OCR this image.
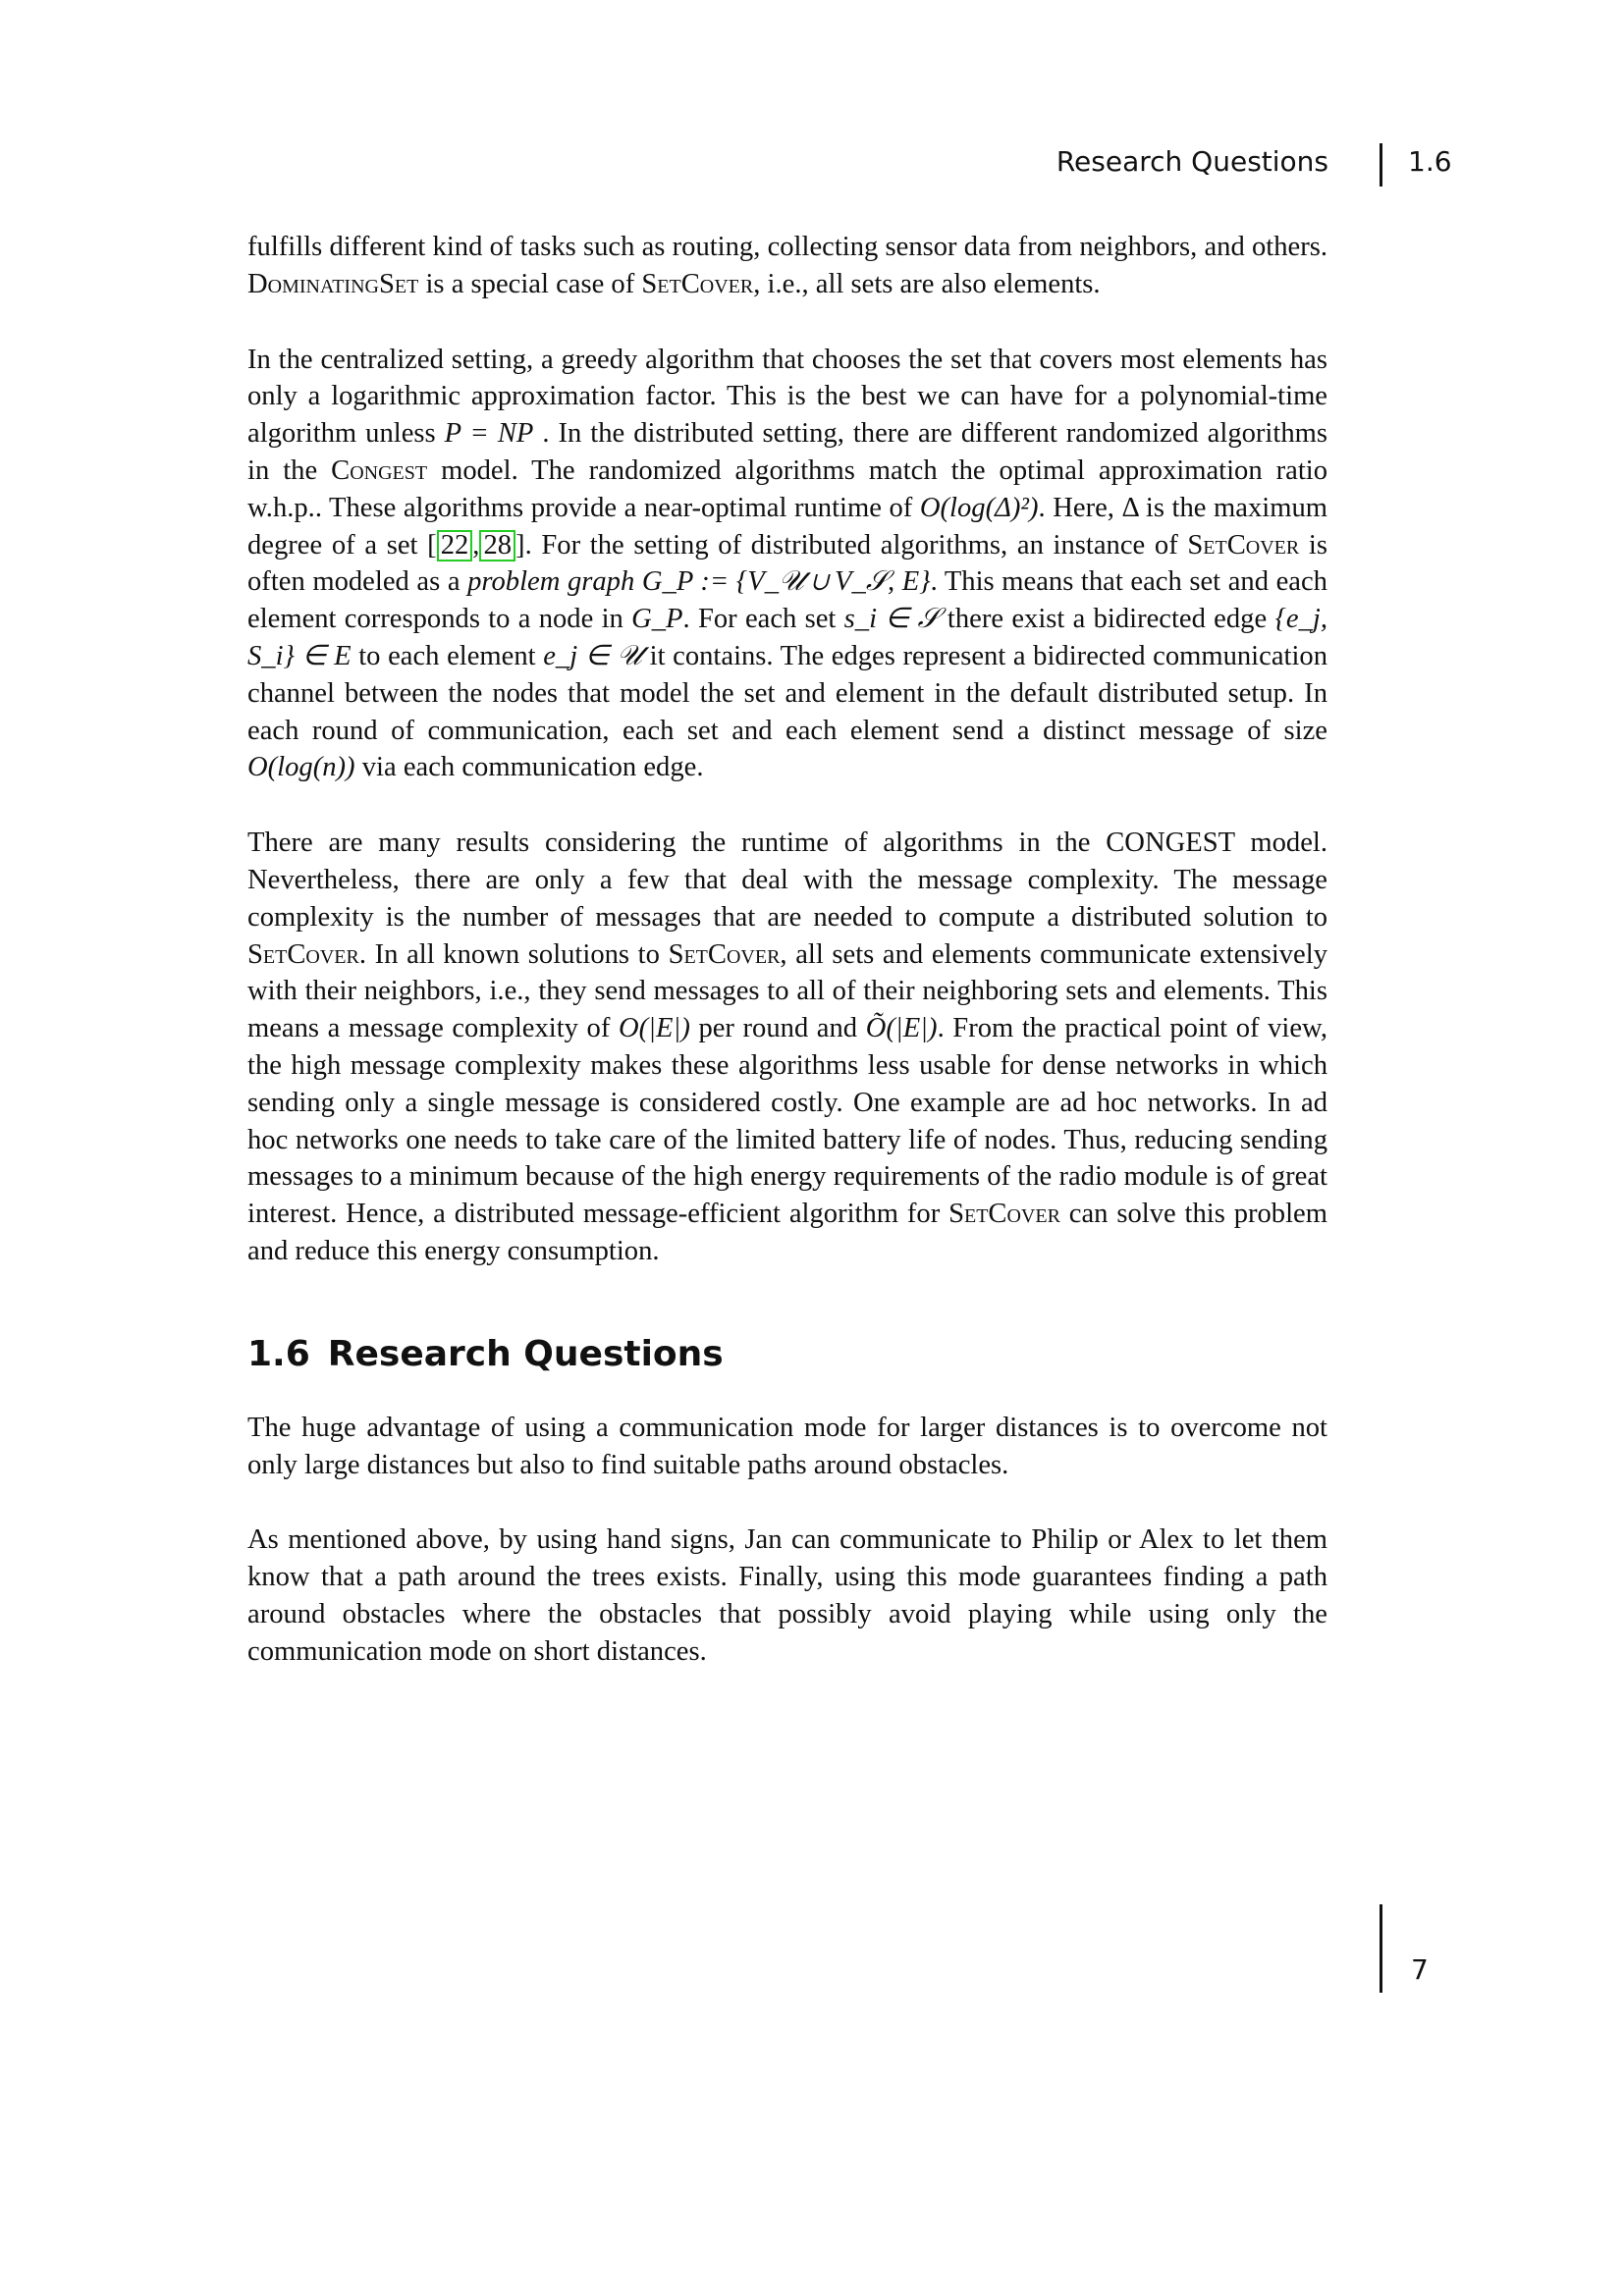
Research Questions	1.6

fulfills different kind of tasks such as routing, collecting sensor data from neighbors, and others. DominatingSet is a special case of SetCover, i.e., all sets are also elements.

In the centralized setting, a greedy algorithm that chooses the set that covers most elements has only a logarithmic approximation factor. This is the best we can have for a polynomial-time algorithm unless P = NP . In the distributed setting, there are different randomized algorithms in the Congest model. The randomized algorithms match the optimal approximation ratio w.h.p.. These algorithms provide a near-optimal runtime of O(log(Δ)²). Here, Δ is the maximum degree of a set [ 22 , 28 ]. For the setting of distributed algorithms, an instance of SetCover is often modeled as a problem graph G_P := {V_𝒰 ∪ V_𝒮, E}. This means that each set and each element corresponds to a node in G_P. For each set s_i ∈ 𝒮 there exist a bidirected edge {e_j, S_i} ∈ E to each element e_j ∈ 𝒰 it contains. The edges represent a bidirected communication channel between the nodes that model the set and element in the default distributed setup. In each round of communication, each set and each element send a distinct message of size O(log(n)) via each communication edge.

There are many results considering the runtime of algorithms in the CONGEST model. Nevertheless, there are only a few that deal with the message complexity. The message complexity is the number of messages that are needed to compute a distributed solution to SetCover. In all known solutions to SetCover, all sets and elements communicate extensively with their neighbors, i.e., they send messages to all of their neighboring sets and elements. This means a message complexity of O(|E|) per round and Õ(|E|). From the practical point of view, the high message complexity makes these algorithms less usable for dense networks in which sending only a single message is considered costly. One example are ad hoc networks. In ad hoc networks one needs to take care of the limited battery life of nodes. Thus, reducing sending messages to a minimum because of the high energy requirements of the radio module is of great interest. Hence, a distributed message-efficient algorithm for SetCover can solve this problem and reduce this energy consumption.

1.6 Research Questions

The huge advantage of using a communication mode for larger distances is to overcome not only large distances but also to find suitable paths around obstacles.

As mentioned above, by using hand signs, Jan can communicate to Philip or Alex to let them know that a path around the trees exists. Finally, using this mode guarantees finding a path around obstacles where the obstacles that possibly avoid playing while using only the communication mode on short distances.

7
